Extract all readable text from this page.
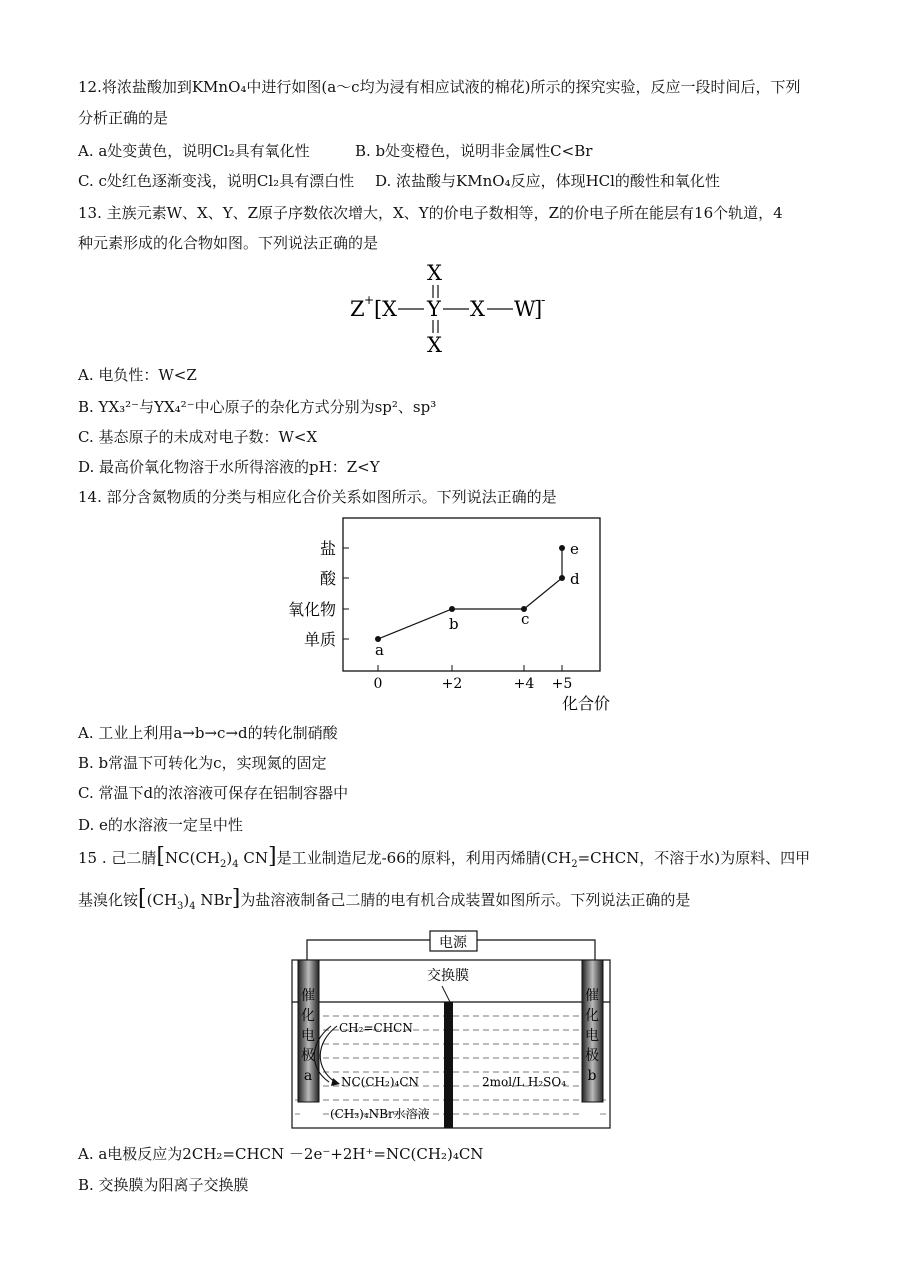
12.将浓盐酸加到KMnO₄中进行如图(a～c均为浸有相应试液的棉花)所示的探究实验，反应一段时间后，下列
分析正确的是
A. a处变黄色，说明Cl₂具有氧化性	B. b处变橙色，说明非金属性C<Br
C. c处红色逐渐变浅，说明Cl₂具有漂白性 D. 浓盐酸与KMnO₄反应，体现HCl的酸性和氧化性
13. 主族元素W、X、Y、Z原子序数依次增大，X、Y的价电子数相等，Z的价电子所在能层有16个轨道，4
种元素形成的化合物如图。下列说法正确的是
X
Z + [ X Y X W
]
-
X
A. 电负性：W<Z
B. YX₃²⁻与YX₄²⁻中心原子的杂化方式分别为sp²、sp³
C. 基态原子的未成对电子数：W<X
D. 最高价氧化物溶于水所得溶液的pH：Z<Y
14. 部分含氮物质的分类与相应化合价关系如图所示。下列说法正确的是
盐
酸
氧化物
单质
0	+2	+4 +5
化合价
a
b	c
d
e
A. 工业上利用a→b→c→d的转化制硝酸
B. b常温下可转化为c，实现氮的固定
C. 常温下d的浓溶液可保存在铝制容器中
D. e的水溶液一定呈中性
15 . 己二腈[$NC(CH_2)_4$ CN]是工业制造尼龙-66的原料，利用丙烯腈($CH_2=CHCN$，不溶于水)为原料、四甲
基溴化铵[$(CH_3)_4$ NBr]为盐溶液制备己二腈的电有机合成装置如图所示。下列说法正确的是
电源
交换膜
催
化
电
极
a
催
化
电
极
b
CH₂=CHCN
NC(CH₂)₄CN	2mol/L H₂SO₄
(CH₃)₄NBr水溶液
A. a电极反应为2CH₂=CHCN －2e⁻+2H⁺=NC(CH₂)₄CN
B. 交换膜为阳离子交换膜
